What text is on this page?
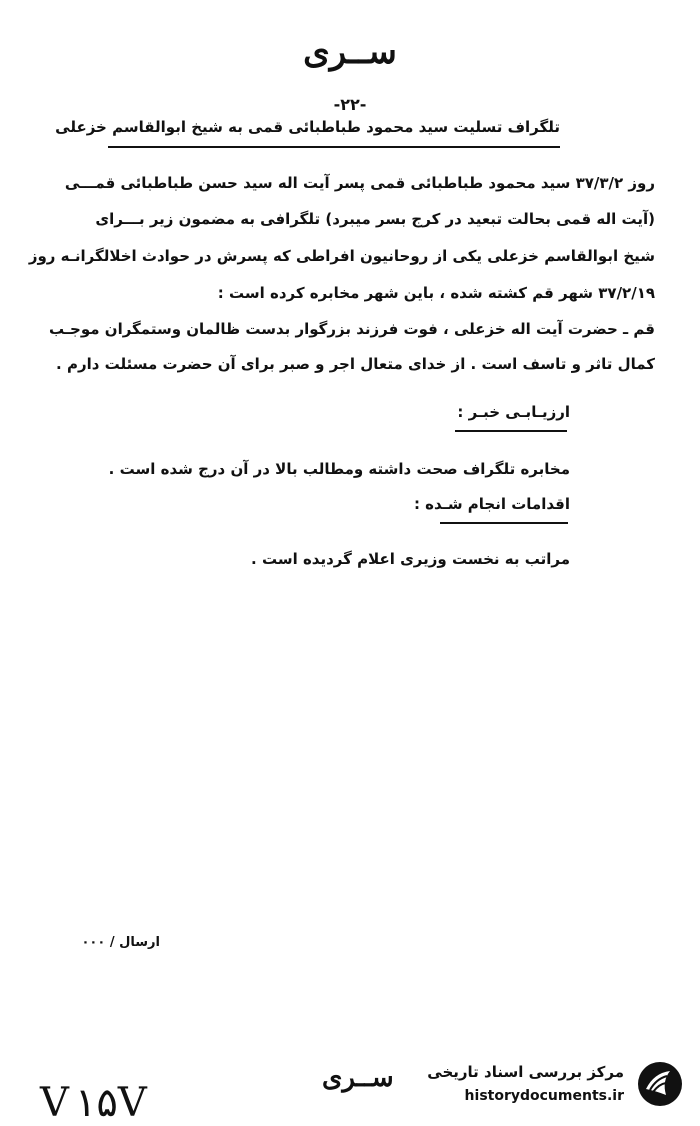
ســری
-۲۲-
تلگراف تسلیت سید محمود طباطبائی قمی به شیخ ابوالقاسم خزعلی
روز ۳۷/۳/۲ سید محمود طباطبائی قمی پسر آیت اله سید حسن طباطبائی قمـــی
(آیت اله قمی بحالت تبعید در کرج بسر میبرد) تلگرافی به مضمون زیر بـــرای
شیخ ابوالقاسم خزعلی یکی از روحانیون افراطی که پسرش در حوادث اخلالگرانـه روز
۳۷/۲/۱۹ شهر قم کشته شده ، باین شهر مخابره کرده است :
قم ـ حضرت آیت اله خزعلی ، فوت فرزند بزرگوار بدست ظالمان وستمگران موجـب
کمال تاثر و تاسف است . از خدای متعال اجر و صبر برای آن حضرت مسئلت دارم .
ارزیـابـی خبـر :
مخابره تلگراف صحت داشته ومطالب بالا در آن درج شده است .
اقدامات انجام شـده :
مراتب به نخست وزیری اعلام گردیده است .
ارسال / ۰۰۰
V۱۵V
ســری مرکز بررسی اسناد تاریخی
historydocuments.ir
